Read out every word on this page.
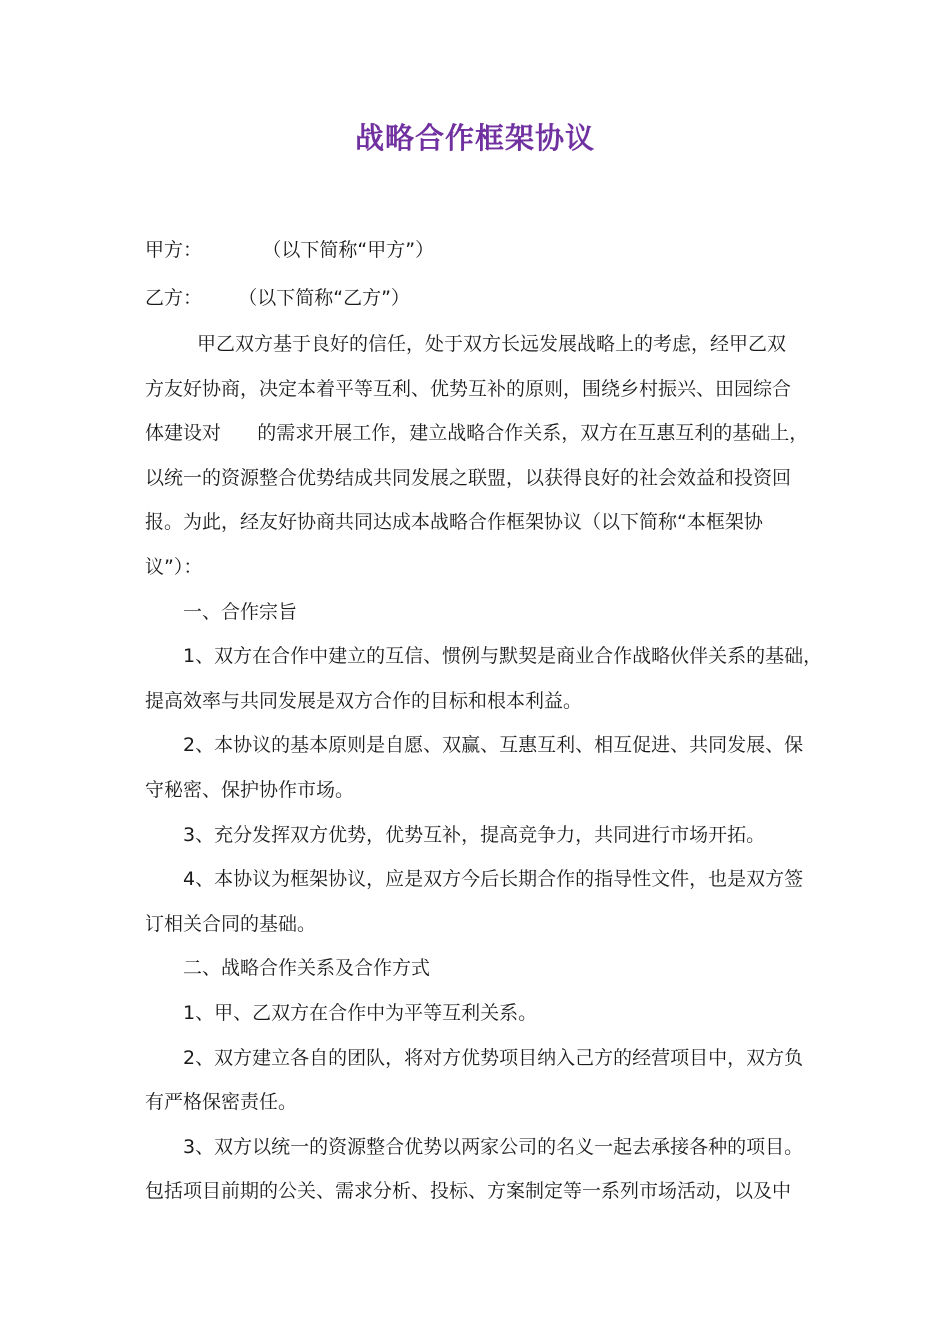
战略合作框架协议
甲方：          （以下简称“甲方”）
乙方：      （以下简称“乙方”）
甲乙双方基于良好的信任，处于双方长远发展战略上的考虑，经甲乙双
方友好协商，决定本着平等互利、优势互补的原则，围绕乡村振兴、田园综合
体建设对      的需求开展工作，建立战略合作关系，双方在互惠互利的基础上，
以统一的资源整合优势结成共同发展之联盟，以获得良好的社会效益和投资回
报。为此，经友好协商共同达成本战略合作框架协议（以下简称“本框架协
议”）：
一、合作宗旨
1、双方在合作中建立的互信、惯例与默契是商业合作战略伙伴关系的基础，
提高效率与共同发展是双方合作的目标和根本利益。
2、本协议的基本原则是自愿、双赢、互惠互利、相互促进、共同发展、保
守秘密、保护协作市场。
3、充分发挥双方优势，优势互补，提高竞争力，共同进行市场开拓。
4、本协议为框架协议，应是双方今后长期合作的指导性文件，也是双方签
订相关合同的基础。
二、战略合作关系及合作方式
1、甲、乙双方在合作中为平等互利关系。
2、双方建立各自的团队，将对方优势项目纳入己方的经营项目中，双方负
有严格保密责任。
3、双方以统一的资源整合优势以两家公司的名义一起去承接各种的项目。
包括项目前期的公关、需求分析、投标、方案制定等一系列市场活动，以及中
